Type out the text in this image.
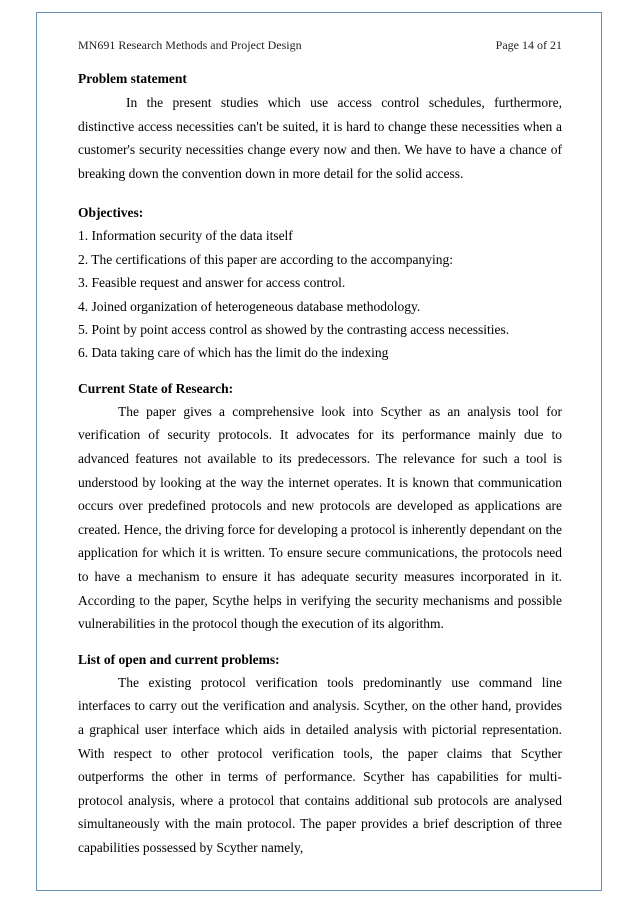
MN691 Research Methods and Project Design	Page 14 of 21
Problem statement

In the present studies which use access control schedules, furthermore, distinctive access necessities can't be suited, it is hard to change these necessities when a customer's security necessities change every now and then. We have to have a chance of breaking down the convention down in more detail for the solid access.

Objectives:
1. Information security of the data itself
2. The certifications of this paper are according to the accompanying:
3. Feasible request and answer for access control.
4. Joined organization of heterogeneous database methodology.
5. Point by point access control as showed by the contrasting access necessities.
6. Data taking care of which has the limit do the indexing
Current State of Research:

The paper gives a comprehensive look into Scyther as an analysis tool for verification of security protocols. It advocates for its performance mainly due to advanced features not available to its predecessors. The relevance for such a tool is understood by looking at the way the internet operates. It is known that communication occurs over predefined protocols and new protocols are developed as applications are created. Hence, the driving force for developing a protocol is inherently dependant on the application for which it is written. To ensure secure communications, the protocols need to have a mechanism to ensure it has adequate security measures incorporated in it. According to the paper, Scythe helps in verifying the security mechanisms and possible vulnerabilities in the protocol though the execution of its algorithm.

List of open and current problems:

The existing protocol verification tools predominantly use command line interfaces to carry out the verification and analysis. Scyther, on the other hand, provides a graphical user interface which aids in detailed analysis with pictorial representation. With respect to other protocol verification tools, the paper claims that Scyther outperforms the other in terms of performance. Scyther has capabilities for multi-protocol analysis, where a protocol that contains additional sub protocols are analysed simultaneously with the main protocol. The paper provides a brief description of three capabilities possessed by Scyther namely,
